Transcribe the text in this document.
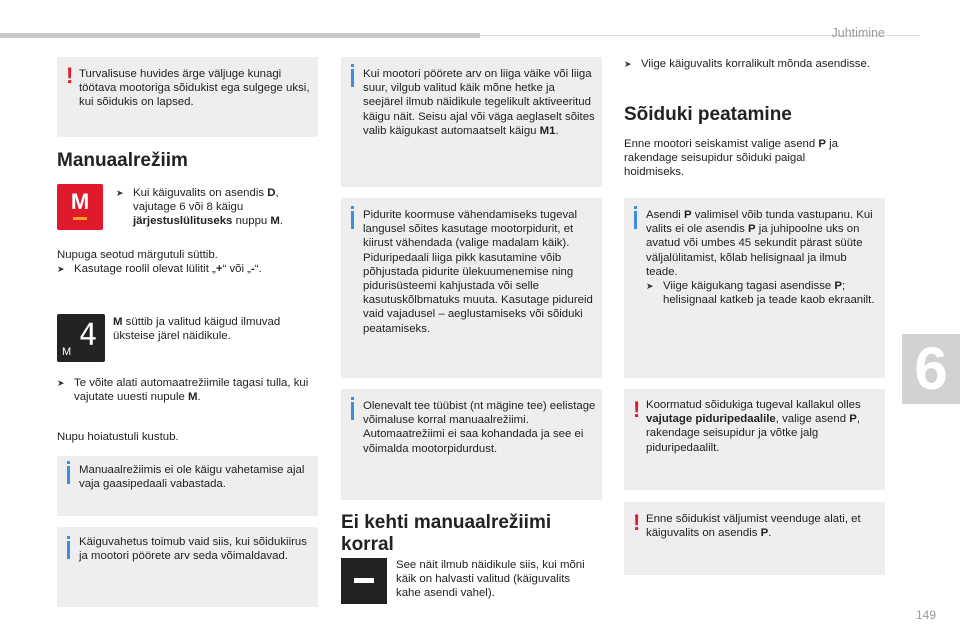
Juhtimine
149
6
! Turvalisuse huvides ärge väljuge kunagi töötava mootoriga sõidukist ega sulgege uksi, kui sõidukis on lapsed.

Manuaalrežiim
M	➤ Kui käiguvalits on asendis D, vajutage 6 või 8 käigu järjestuslülituseks nuppu M.

Nupuga seotud märgutuli süttib.

➤ Kasutage roolil olevat lülitit „+“ või „-“.
4
M
M süttib ja valitud käigud ilmuvad üksteise järel näidikule.
➤ Te võite alati automaatrežiimile tagasi tulla, kui vajutate uuesti nupule M.

Nupu hoiatustuli kustub.

Manuaalrežiimis ei ole käigu vahetamise ajal vaja gaasipedaali vabastada.

Käiguvahetus toimub vaid siis, kui sõidukiirus ja mootori pöörete arv seda võimaldavad.

Kui mootori pöörete arv on liiga väike või liiga suur, vilgub valitud käik mõne hetke ja seejärel ilmub näidikule tegelikult aktiveeritud käigu näit. Seisu ajal või väga aeglaselt sõites valib käigukast automaatselt käigu M1.

Pidurite koormuse vähendamiseks tugeval langusel sõites kasutage mootorpidurit, et kiirust vähendada (valige madalam käik). Piduripedaali liiga pikk kasutamine võib põhjustada pidurite ülekuumenemise ning pidurisüsteemi kahjustada või selle kasutuskõlbmatuks muuta. Kasutage pidureid vaid vajadusel – aeglustamiseks või sõiduki peatamiseks.

Olenevalt tee tüübist (nt mägine tee) eelistage võimaluse korral manuaalrežiimi. Automaatrežiimi ei saa kohandada ja see ei võimalda mootorpidurdust.

Ei kehti manuaalrežiimi
korral

See näit ilmub näidikule siis, kui mõni käik on halvasti valitud (käiguvalits kahe asendi vahel).

➤ Viige käiguvalits korralikult mõnda asendisse.
Sõiduki peatamine

Enne mootori seiskamist valige asend P ja rakendage seisupidur sõiduki paigal hoidmiseks.

Asendi P valimisel võib tunda vastupanu. Kui valits ei ole asendis P ja juhipoolne uks on avatud või umbes 45 sekundit pärast süüte väljalülitamist, kõlab helisignaal ja ilmub teade.

➤ Viige käigukang tagasi asendisse P; helisignaal katkeb ja teade kaob ekraanilt.
! Koormatud sõidukiga tugeval kallakul olles vajutage piduripedaalile, valige asend P, rakendage seisupidur ja võtke jalg piduripedaalilt.

! Enne sõidukist väljumist veenduge alati, et käiguvalits on asendis P.
